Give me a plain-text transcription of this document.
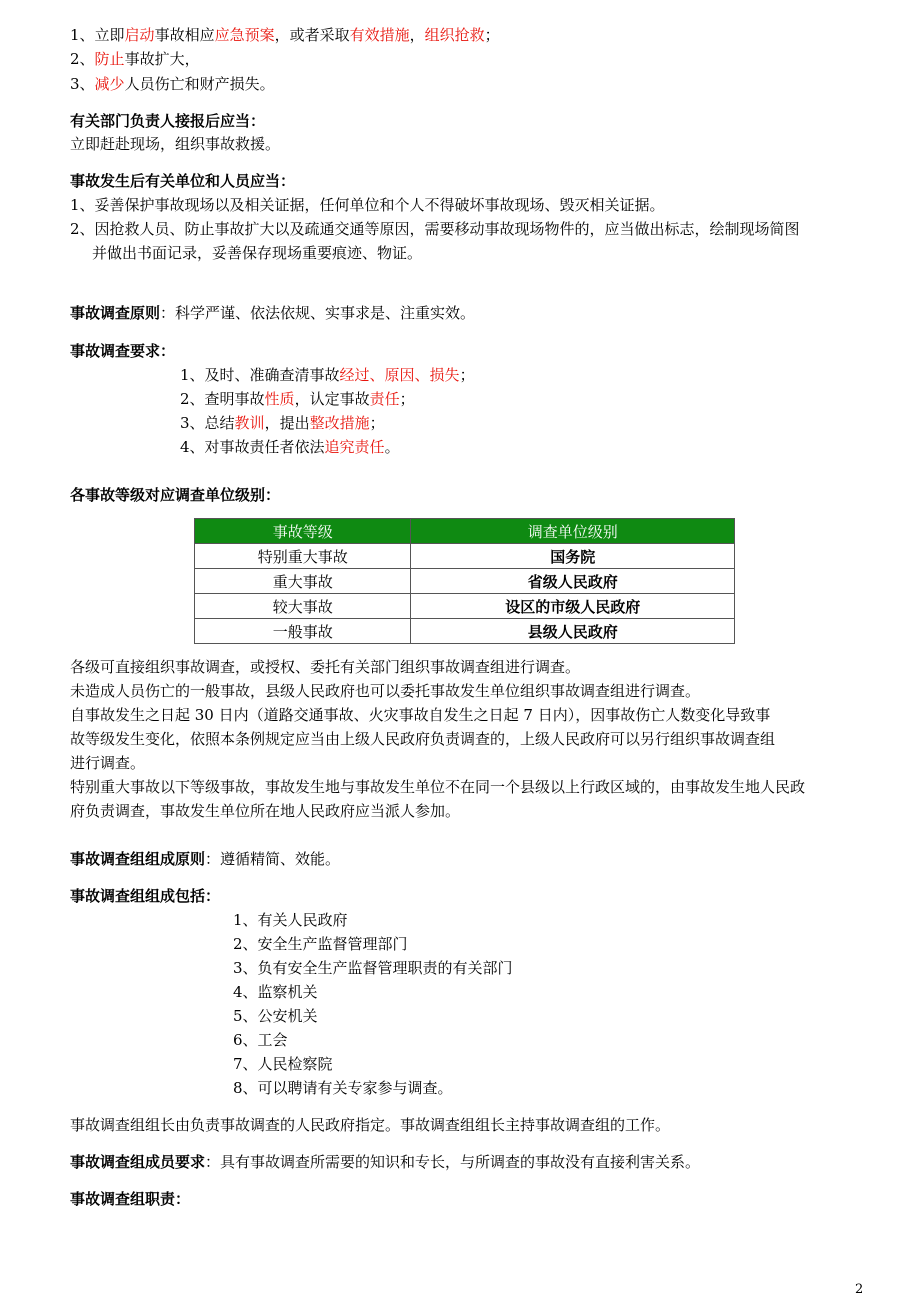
1、立即启动事故相应应急预案，或者采取有效措施，组织抢救；
2、防止事故扩大，
3、减少人员伤亡和财产损失。
有关部门负责人接报后应当：
立即赶赴现场，组织事故救援。
事故发生后有关单位和人员应当：
1、妥善保护事故现场以及相关证据，任何单位和个人不得破坏事故现场、毁灭相关证据。
2、因抢救人员、防止事故扩大以及疏通交通等原因，需要移动事故现场物件的，应当做出标志，绘制现场简图
并做出书面记录，妥善保存现场重要痕迹、物证。
事故调查原则：科学严谨、依法依规、实事求是、注重实效。
事故调查要求：
1、及时、准确查清事故经过、原因、损失；
2、查明事故性质，认定事故责任；
3、总结教训，提出整改措施；
4、对事故责任者依法追究责任。
各事故等级对应调查单位级别：
事故等级	调查单位级别
特别重大事故	国务院
重大事故	省级人民政府
较大事故	设区的市级人民政府
一般事故	县级人民政府
各级可直接组织事故调查，或授权、委托有关部门组织事故调查组进行调查。
未造成人员伤亡的一般事故，县级人民政府也可以委托事故发生单位组织事故调查组进行调查。
自事故发生之日起 30 日内（道路交通事故、火灾事故自发生之日起 7 日内），因事故伤亡人数变化导致事
故等级发生变化，依照本条例规定应当由上级人民政府负责调查的，上级人民政府可以另行组织事故调查组
进行调查。
特别重大事故以下等级事故，事故发生地与事故发生单位不在同一个县级以上行政区域的，由事故发生地人民政
府负责调查，事故发生单位所在地人民政府应当派人参加。
事故调查组组成原则：遵循精简、效能。
事故调查组组成包括：
1、有关人民政府
2、安全生产监督管理部门
3、负有安全生产监督管理职责的有关部门
4、监察机关
5、公安机关
6、工会
7、人民检察院
8、可以聘请有关专家参与调查。
事故调查组组长由负责事故调查的人民政府指定。事故调查组组长主持事故调查组的工作。
事故调查组成员要求：具有事故调查所需要的知识和专长，与所调查的事故没有直接利害关系。
事故调查组职责：
2
